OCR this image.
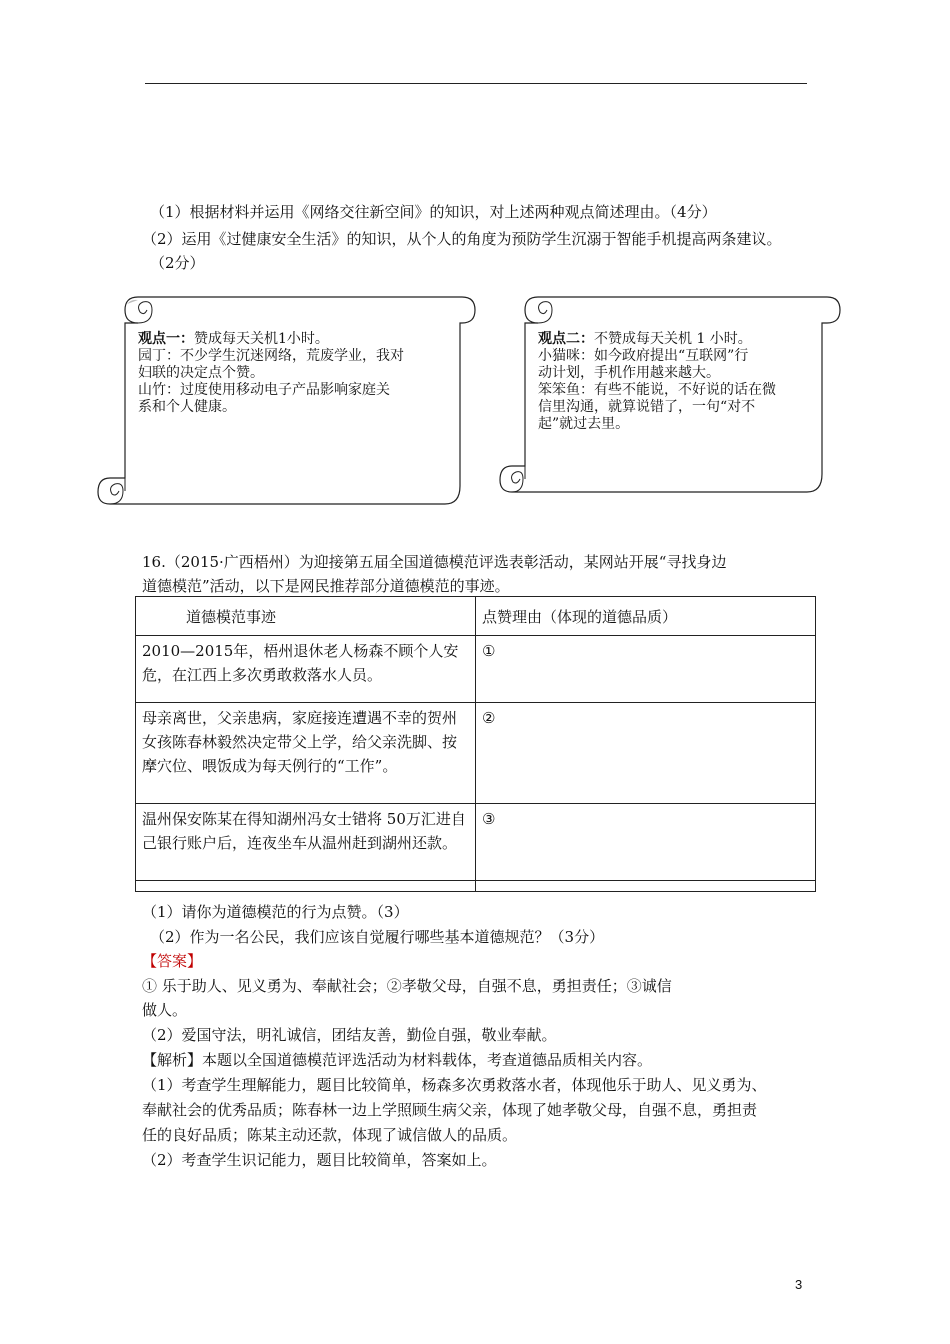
（1）根据材料并运用《网络交往新空间》的知识，对上述两种观点简述理由。（4分）
（2）运用《过健康安全生活》的知识，从个人的角度为预防学生沉溺于智能手机提高两条建议。
（2分）

观点一：赞成每天关机1小时。

园丁：不少学生沉迷网络，荒废学业，我对

妇联的决定点个赞。

山竹：过度使用移动电子产品影响家庭关

系和个人健康。

观点二：不赞成每天关机 1 小时。

小猫咪：如今政府提出“互联网”行

动计划，手机作用越来越大。

笨笨鱼：有些不能说，不好说的话在微

信里沟通，就算说错了，一句“对不

起”就过去里。

16.（2015·广西梧州）为迎接第五届全国道德模范评选表彰活动，某网站开展“寻找身边
道德模范”活动，以下是网民推荐部分道德模范的事迹。
道德模范事迹	点赞理由（体现的道德品质）
2010—2015年，梧州退休老人杨森不顾个人安危，在江西上多次勇敢救落水人员。	①
母亲离世，父亲患病，家庭接连遭遇不幸的贺州女孩陈春林毅然决定带父上学，给父亲洗脚、按摩穴位、喂饭成为每天例行的“工作”。	②
温州保安陈某在得知湖州冯女士错将 50万汇进自己银行账户后，连夜坐车从温州赶到湖州还款。	③

（1）请你为道德模范的行为点赞。（3）
（2）作为一名公民，我们应该自觉履行哪些基本道德规范？（3分）
【答案】
① 乐于助人、见义勇为、奉献社会；②孝敬父母，自强不息，勇担责任；③诚信
做人。
（2）爱国守法，明礼诚信，团结友善，勤俭自强，敬业奉献。
【解析】本题以全国道德模范评选活动为材料载体，考查道德品质相关内容。
（1）考查学生理解能力，题目比较简单，杨森多次勇救落水者，体现他乐于助人、见义勇为、
奉献社会的优秀品质；陈春林一边上学照顾生病父亲，体现了她孝敬父母，自强不息，勇担责
任的良好品质；陈某主动还款，体现了诚信做人的品质。
（2）考查学生识记能力，题目比较简单，答案如上。
3
